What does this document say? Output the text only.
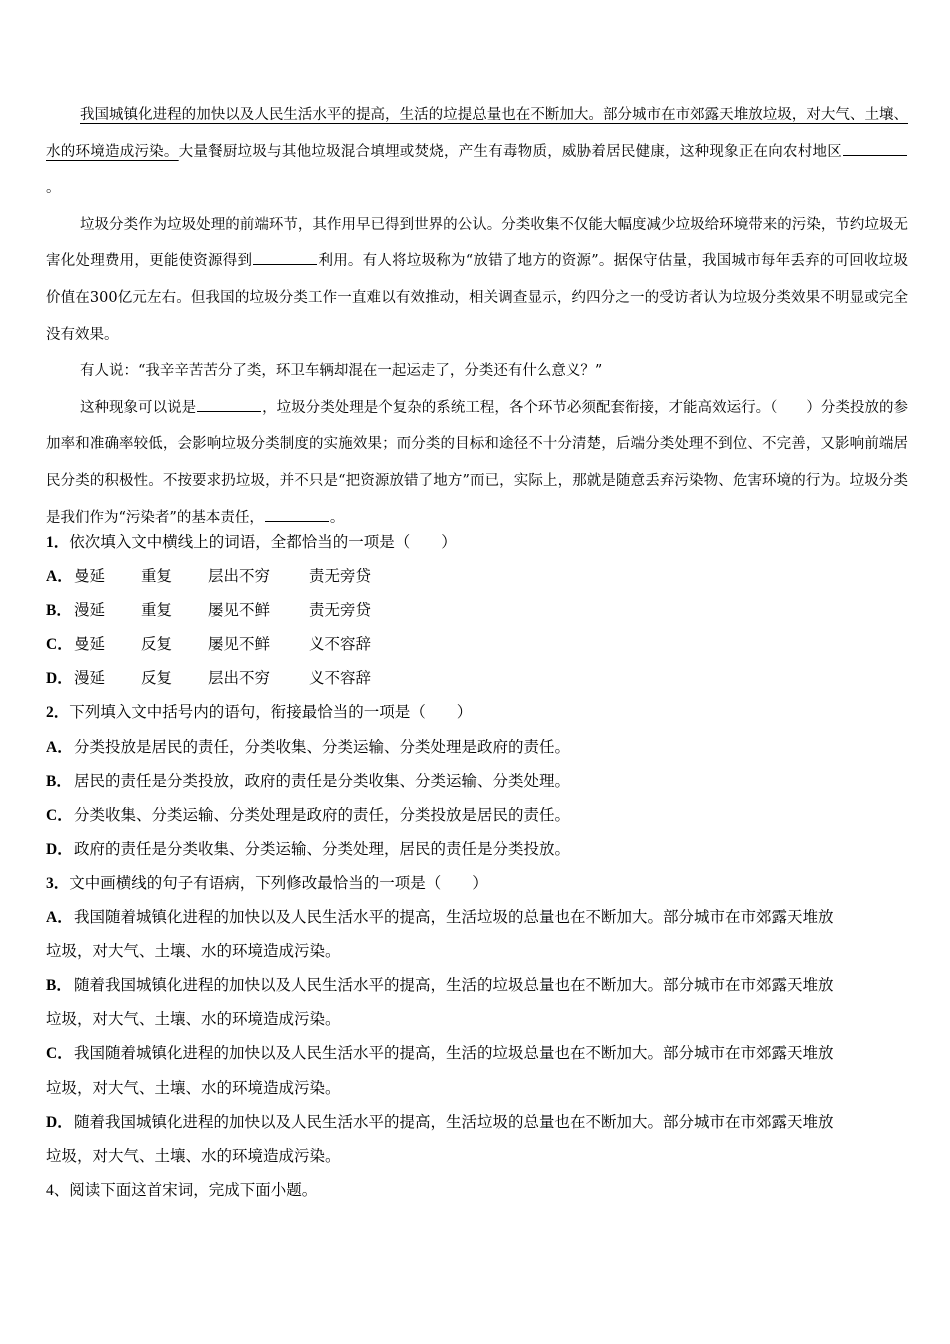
我国城镇化进程的加快以及人民生活水平的提高，生活的垃提总量也在不断加大。部分城市在市郊露天堆放垃圾，对大气、土壤、水的环境造成污染。大量餐厨垃圾与其他垃圾混合填埋或焚烧，产生有毒物质，威胁着居民健康，这种现象正在向农村地区。

垃圾分类作为垃圾处理的前端环节，其作用早已得到世界的公认。分类收集不仅能大幅度减少垃圾给环境带来的污染，节约垃圾无害化处理费用，更能使资源得到	利用。有人将垃圾称为“放错了地方的资源”。据保守估量，我国城市每年丢弃的可回收垃圾价值在300亿元左右。但我国的垃圾分类工作一直难以有效推动，相关调查显示，约四分之一的受访者认为垃圾分类效果不明显或完全没有效果。

有人说：“我辛辛苦苦分了类，环卫车辆却混在一起运走了，分类还有什么意义？”

这种现象可以说是	，垃圾分类处理是个复杂的系统工程，各个环节必须配套衔接，才能高效运行。（　　）分类投放的参加率和准确率较低，会影响垃圾分类制度的实施效果；而分类的目标和途径不十分清楚，后端分类处理不到位、不完善，又影响前端居民分类的积极性。不按要求扔垃圾，并不只是“把资源放错了地方”而已，实际上，那就是随意丢弃污染物、危害环境的行为。垃圾分类是我们作为“污染者”的基本责任，	。

1．依次填入文中横线上的词语，全都恰当的一项是（　　）

A．曼延 重复 层出不穷	责无旁贷

B． 漫延 重复 屡见不鲜	责无旁贷

C．曼延 反复 屡见不鲜	义不容辞

D．漫延 反复 层出不穷	义不容辞

2．下列填入文中括号内的语句，衔接最恰当的一项是（　　）

A．分类投放是居民的责任，分类收集、分类运输、分类处理是政府的责任。

B． 居民的责任是分类投放，政府的责任是分类收集、分类运输、分类处理。

C．分类收集、分类运输、分类处理是政府的责任，分类投放是居民的责任。

D．政府的责任是分类收集、分类运输、分类处理，居民的责任是分类投放。

3．文中画横线的句子有语病，下列修改最恰当的一项是（　　）

A．我国随着城镇化进程的加快以及人民生活水平的提高，生活垃圾的总量也在不断加大。部分城市在市郊露天堆放

垃圾，对大气、土壤、水的环境造成污染。

B． 随着我国城镇化进程的加快以及人民生活水平的提高，生活的垃圾总量也在不断加大。部分城市在市郊露天堆放

垃圾，对大气、土壤、水的环境造成污染。

C．我国随着城镇化进程的加快以及人民生活水平的提高，生活的垃圾总量也在不断加大。部分城市在市郊露天堆放

垃圾，对大气、土壤、水的环境造成污染。

D．随着我国城镇化进程的加快以及人民生活水平的提高，生活垃圾的总量也在不断加大。部分城市在市郊露天堆放

垃圾，对大气、土壤、水的环境造成污染。

4、阅读下面这首宋词，完成下面小题。
